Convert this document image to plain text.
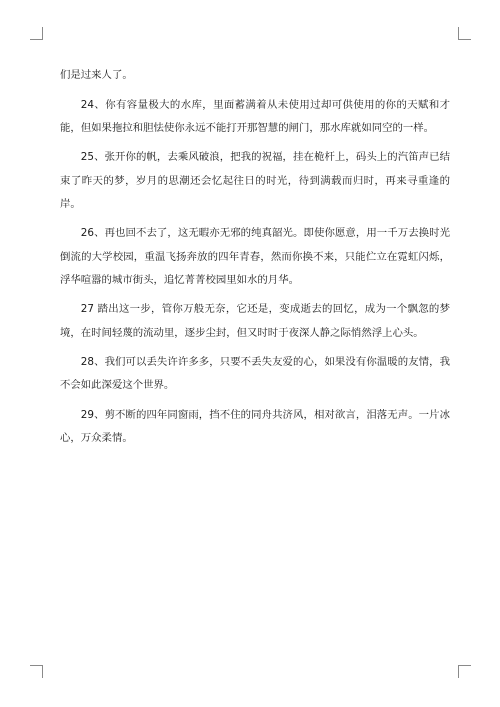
们是过来人了。

24、你有容量极大的水库，里面蓄满着从未使用过却可供使用的你的天赋和才能，但如果拖拉和胆怯使你永远不能打开那智慧的闸门，那水库就如同空的一样。

25、张开你的帆，去乘风破浪，把我的祝福，挂在桅杆上，码头上的汽笛声已结束了昨天的梦，岁月的思潮还会忆起往日的时光，待到满载而归时，再来寻重逢的岸。

26、再也回不去了，这无暇亦无邪的纯真韶光。即使你愿意，用一千万去换时光倒流的大学校园，重温飞扬奔放的四年青春，然而你换不来，只能伫立在霓虹闪烁，浮华喧嚣的城市街头，追忆菁菁校园里如水的月华。

27 踏出这一步，管你万般无奈，它还是，变成逝去的回忆，成为一个飘忽的梦境，在时间轻蔑的流动里，逐步尘封，但又时时于夜深人静之际悄然浮上心头。

28、我们可以丢失许许多多，只要不丢失友爱的心，如果没有你温暖的友情，我不会如此深爱这个世界。

29、剪不断的四年同窗雨，挡不住的同舟共济风，相对欲言，泪落无声。一片冰心，万众柔情。
